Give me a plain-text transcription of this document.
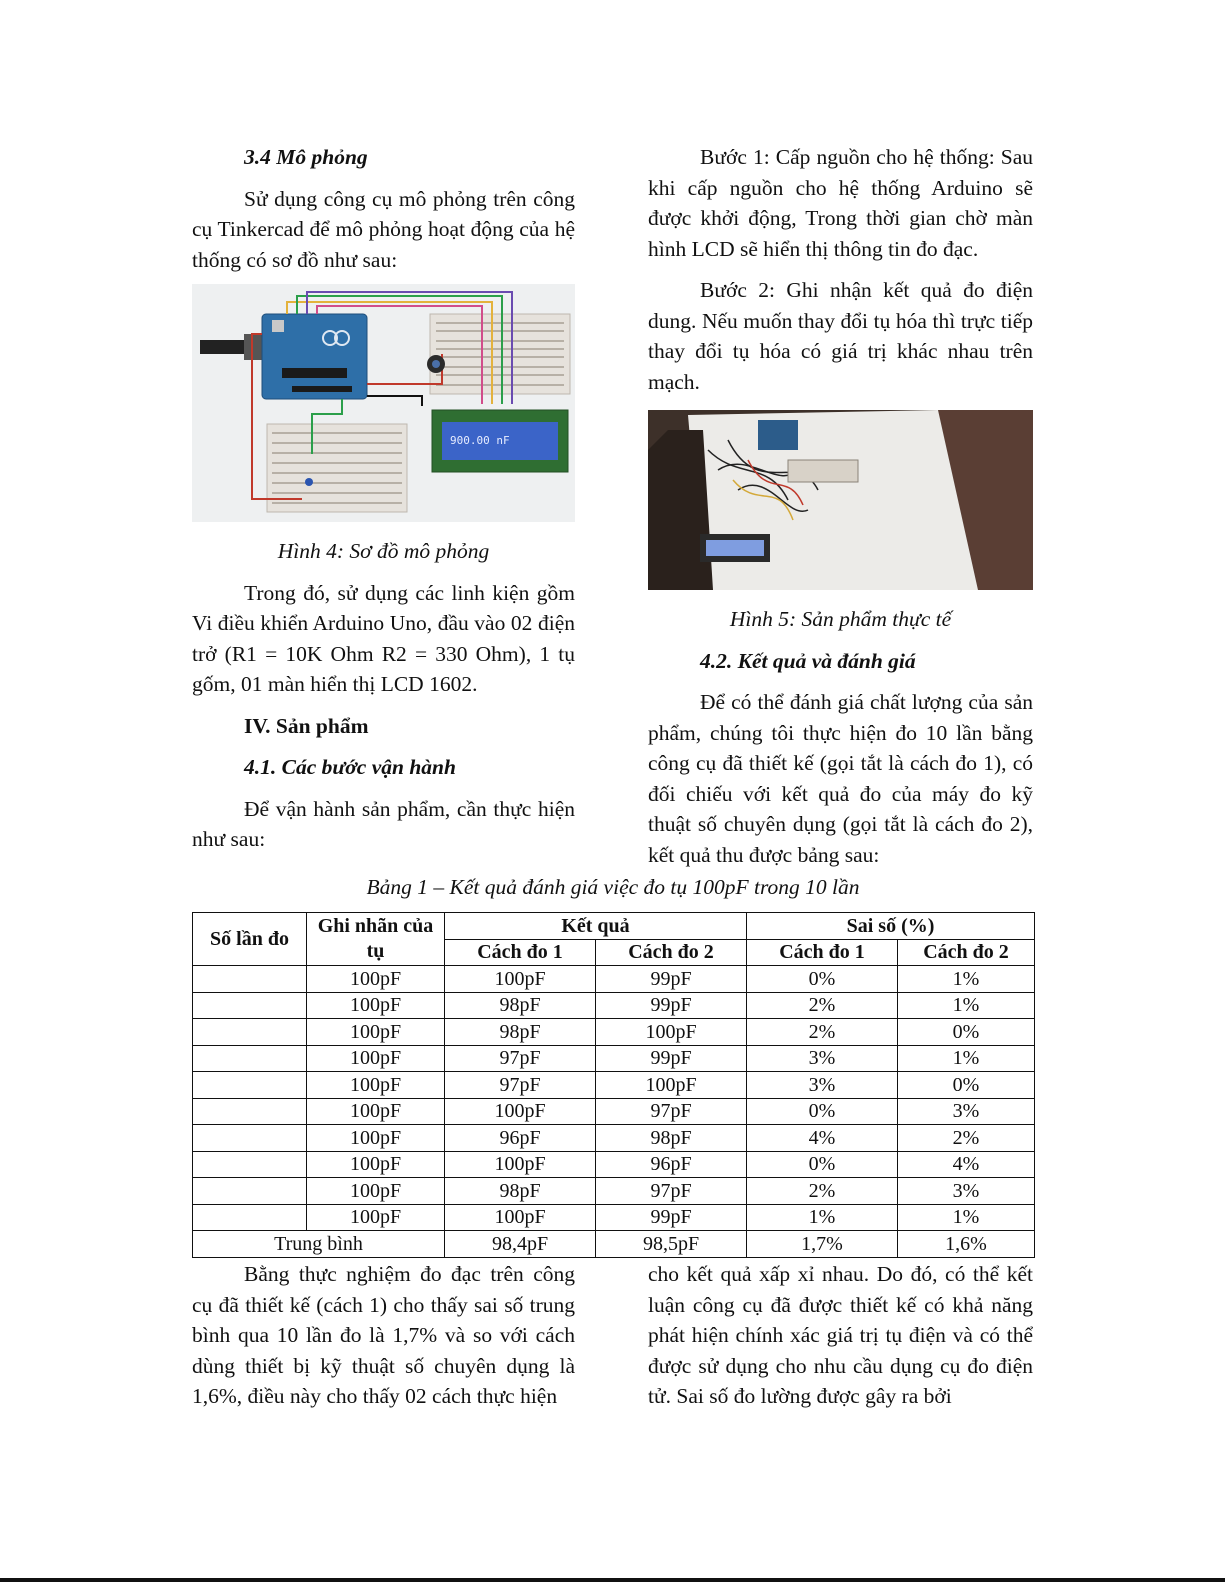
3.4 Mô phỏng

Sử dụng công cụ mô phỏng trên công cụ Tinkercad để mô phỏng hoạt động của hệ thống có sơ đồ như sau:

900.00 nF

Hình 4: Sơ đồ mô phỏng

Trong đó, sử dụng các linh kiện gồm Vi điều khiển Arduino Uno, đầu vào 02 điện trở (R1 = 10K Ohm R2 = 330 Ohm), 1 tụ gốm, 01 màn hiển thị LCD 1602.

IV. Sản phẩm

4.1. Các bước vận hành

Để vận hành sản phẩm, cần thực hiện như sau:

Bước 1: Cấp nguồn cho hệ thống: Sau khi cấp nguồn cho hệ thống Arduino sẽ được khởi động, Trong thời gian chờ màn hình LCD sẽ hiển thị thông tin đo đạc.

Bước 2: Ghi nhận kết quả đo điện dung. Nếu muốn thay đổi tụ hóa thì trực tiếp thay đổi tụ hóa có giá trị khác nhau trên mạch.

Hình 5: Sản phẩm thực tế

4.2. Kết quả và đánh giá

Để có thể đánh giá chất lượng của sản phẩm, chúng tôi thực hiện đo 10 lần bằng công cụ đã thiết kế (gọi tắt là cách đo 1), có đối chiếu với kết quả đo của máy đo kỹ thuật số chuyên dụng (gọi tắt là cách đo 2), kết quả thu được bảng sau:

Bảng 1 – Kết quả đánh giá việc đo tụ 100pF trong 10 lần

Số lần đo	Ghi nhãn của tụ	Kết quả		Sai số (%)	
		Cách đo 1	Cách đo 2	Cách đo 1	Cách đo 2
	100pF	100pF	99pF	0%	1%
	100pF	98pF	99pF	2%	1%
	100pF	98pF	100pF	2%	0%
	100pF	97pF	99pF	3%	1%
	100pF	97pF	100pF	3%	0%
	100pF	100pF	97pF	0%	3%
	100pF	96pF	98pF	4%	2%
	100pF	100pF	96pF	0%	4%
	100pF	98pF	97pF	2%	3%
	100pF	100pF	99pF	1%	1%
Trung bình		98,4pF	98,5pF	1,7%	1,6%

Bằng thực nghiệm đo đạc trên công cụ đã thiết kế (cách 1) cho thấy sai số trung bình qua 10 lần đo là 1,7% và so với cách dùng thiết bị kỹ thuật số chuyên dụng là 1,6%, điều này cho thấy 02 cách thực hiện

cho kết quả xấp xỉ nhau. Do đó, có thể kết luận công cụ đã được thiết kế có khả năng phát hiện chính xác giá trị tụ điện và có thể được sử dụng cho nhu cầu dụng cụ đo điện tử. Sai số đo lường được gây ra bởi
